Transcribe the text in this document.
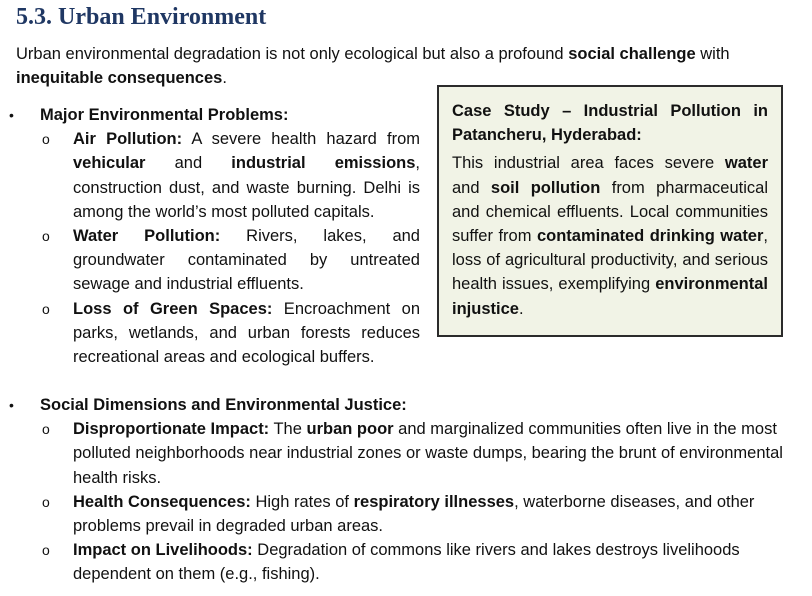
5.3. Urban Environment

Urban environmental degradation is not only ecological but also a profound social challenge with inequitable consequences.

Case Study – Industrial Pollution in Patancheru, Hyderabad:

This industrial area faces severe water and soil pollution from pharmaceutical and chemical effluents. Local communities suffer from contaminated drinking water, loss of agricultural productivity, and serious health issues, exemplifying environmental injustice.

• Major Environmental Problems:
o Air Pollution: A severe health hazard from vehicular and industrial emissions, construction dust, and waste burning. Delhi is among the world’s most polluted capitals.
o Water Pollution: Rivers, lakes, and groundwater contaminated by untreated sewage and industrial effluents.
o Loss of Green Spaces: Encroachment on parks, wetlands, and urban forests reduces recreational areas and ecological buffers.
• Social Dimensions and Environmental Justice:
o Disproportionate Impact: The urban poor and marginalized communities often live in the most polluted neighborhoods near industrial zones or waste dumps, bearing the brunt of environmental health risks.
o Health Consequences: High rates of respiratory illnesses, waterborne diseases, and other problems prevail in degraded urban areas.
o Impact on Livelihoods: Degradation of commons like rivers and lakes destroys livelihoods dependent on them (e.g., fishing).
